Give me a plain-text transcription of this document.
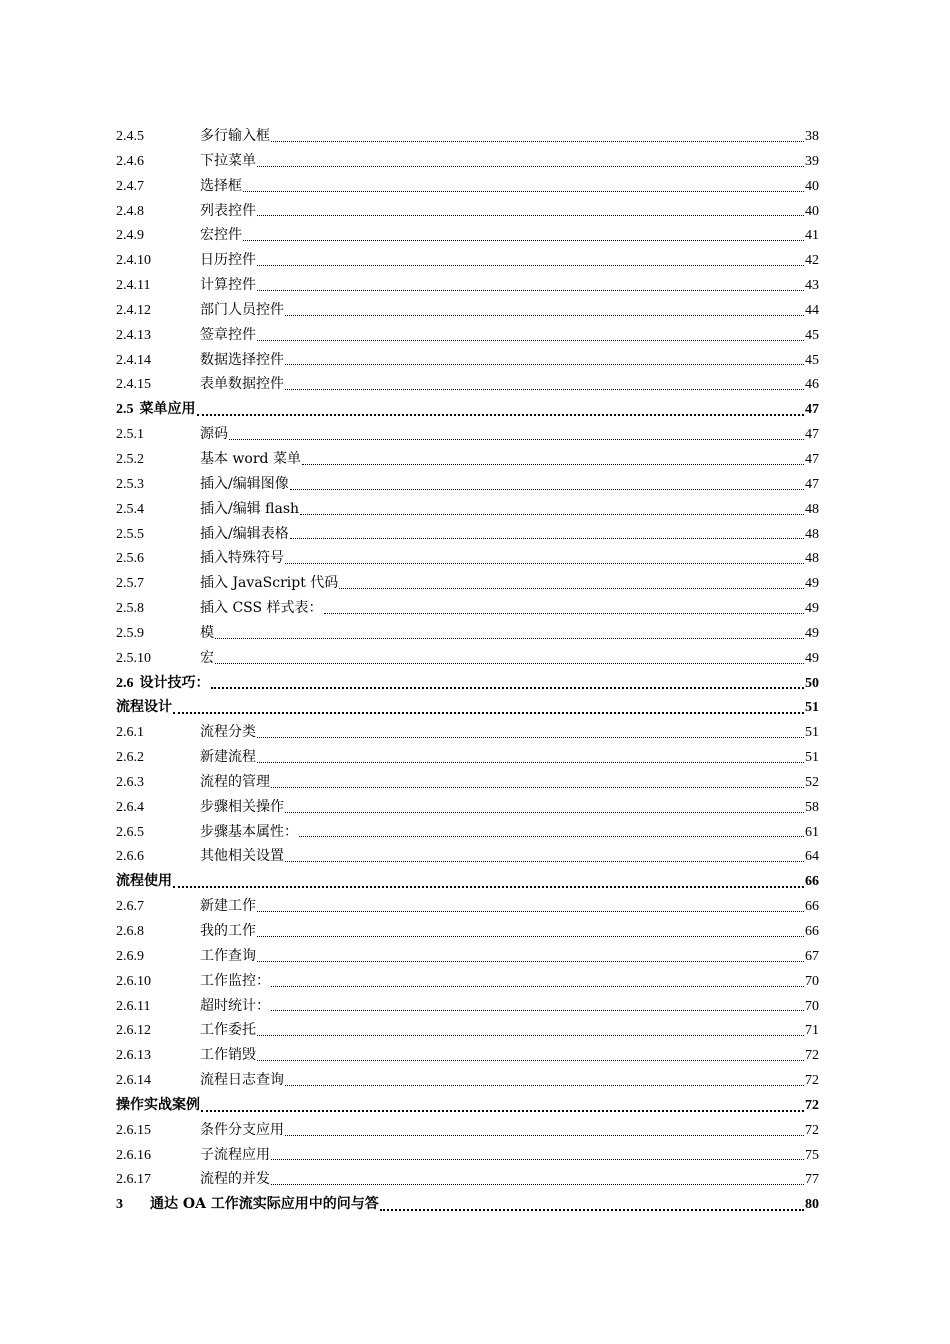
2.4.5	多行输入框	38
2.4.6	下拉菜单	39
2.4.7	选择框	40
2.4.8	列表控件	40
2.4.9	宏控件	41
2.4.10	日历控件	42
2.4.11	计算控件	43
2.4.12	部门人员控件	44
2.4.13	签章控件	45
2.4.14	数据选择控件	45
2.4.15	表单数据控件	46
2.5 菜单应用	47
2.5.1	源码	47
2.5.2	基本 word 菜单	47
2.5.3	插入/编辑图像	47
2.5.4	插入/编辑 flash	48
2.5.5	插入/编辑表格	48
2.5.6	插入特殊符号	48
2.5.7	插入 JavaScript 代码	49
2.5.8	插入 CSS 样式表：	49
2.5.9	模	49
2.5.10	宏	49
2.6 设计技巧：	50
流程设计	51
2.6.1	流程分类	51
2.6.2	新建流程	51
2.6.3	流程的管理	52
2.6.4	步骤相关操作	58
2.6.5	步骤基本属性：	61
2.6.6	其他相关设置	64
流程使用	66
2.6.7	新建工作	66
2.6.8	我的工作	66
2.6.9	工作查询	67
2.6.10	工作监控：	70
2.6.11	超时统计：	70
2.6.12	工作委托	71
2.6.13	工作销毁	72
2.6.14	流程日志查询	72
操作实战案例	72
2.6.15	条件分支应用	72
2.6.16	子流程应用	75
2.6.17	流程的并发	77
3	通达 OA 工作流实际应用中的问与答	80
